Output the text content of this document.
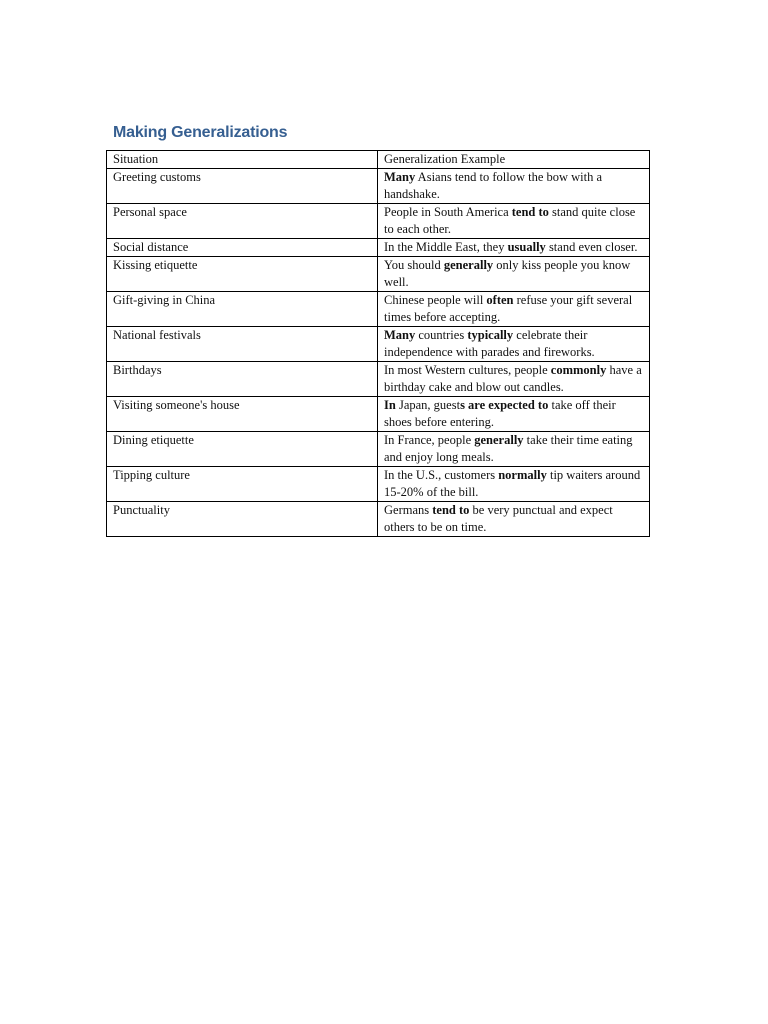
Making Generalizations
Situation	Generalization Example
Greeting customs	Many Asians tend to follow the bow with a handshake.
Personal space	People in South America tend to stand quite close to each other.
Social distance	In the Middle East, they usually stand even closer.
Kissing etiquette	You should generally only kiss people you know well.
Gift-giving in China	Chinese people will often refuse your gift several times before accepting.
National festivals	Many countries typically celebrate their independence with parades and fireworks.
Birthdays	In most Western cultures, people commonly have a birthday cake and blow out candles.
Visiting someone's house	In Japan, guests are expected to take off their shoes before entering.
Dining etiquette	In France, people generally take their time eating and enjoy long meals.
Tipping culture	In the U.S., customers normally tip waiters around 15-20% of the bill.
Punctuality	Germans tend to be very punctual and expect others to be on time.
